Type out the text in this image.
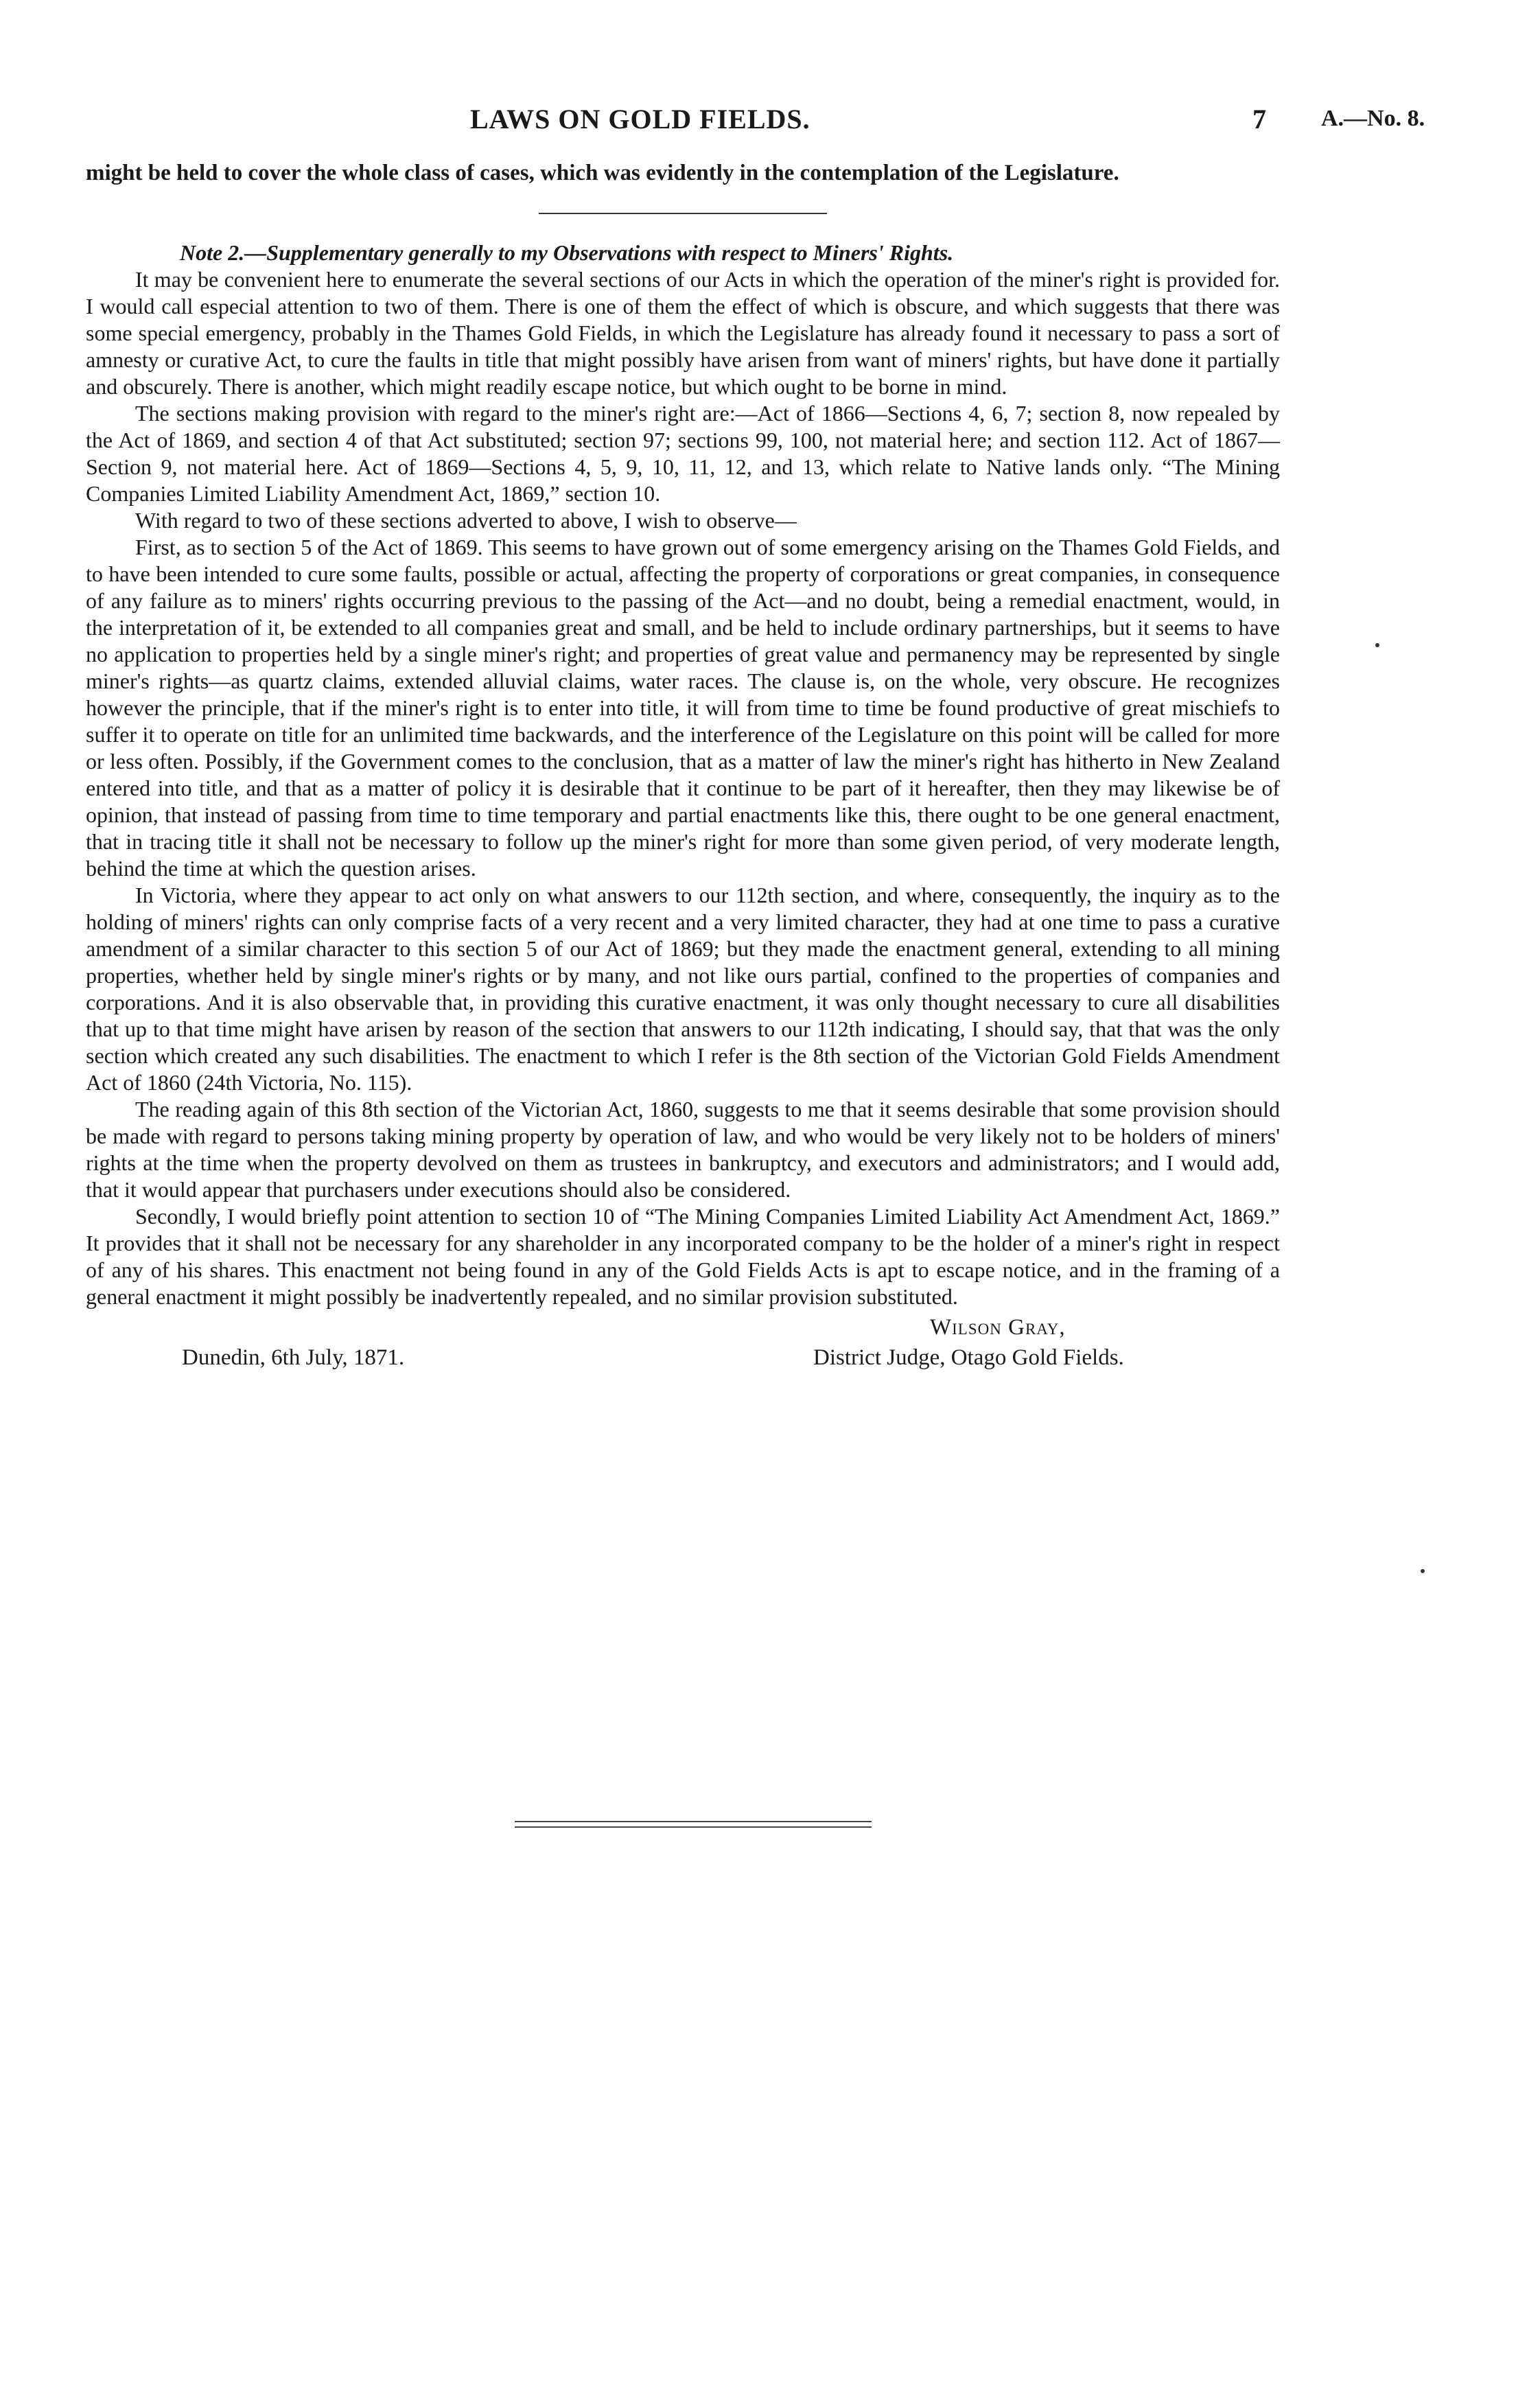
LAWS ON GOLD FIELDS.	7 A.—No. 8.

might be held to cover the whole class of cases, which was evidently in the contemplation of the Legislature.

Note 2.—Supplementary generally to my Observations with respect to Miners' Rights.

It may be convenient here to enumerate the several sections of our Acts in which the operation of the miner's right is provided for. I would call especial attention to two of them. There is one of them the effect of which is obscure, and which suggests that there was some special emergency, probably in the Thames Gold Fields, in which the Legislature has already found it necessary to pass a sort of amnesty or curative Act, to cure the faults in title that might possibly have arisen from want of miners' rights, but have done it partially and obscurely. There is another, which might readily escape notice, but which ought to be borne in mind.

The sections making provision with regard to the miner's right are:—Act of 1866—Sections 4, 6, 7; section 8, now repealed by the Act of 1869, and section 4 of that Act substituted; section 97; sections 99, 100, not material here; and section 112. Act of 1867—Section 9, not material here. Act of 1869—Sections 4, 5, 9, 10, 11, 12, and 13, which relate to Native lands only. “The Mining Companies Limited Liability Amendment Act, 1869,” section 10.

With regard to two of these sections adverted to above, I wish to observe—

First, as to section 5 of the Act of 1869. This seems to have grown out of some emergency arising on the Thames Gold Fields, and to have been intended to cure some faults, possible or actual, affecting the property of corporations or great companies, in consequence of any failure as to miners' rights occurring previous to the passing of the Act—and no doubt, being a remedial enactment, would, in the interpretation of it, be extended to all companies great and small, and be held to include ordinary partnerships, but it seems to have no application to properties held by a single miner's right; and properties of great value and permanency may be represented by single miner's rights—as quartz claims, extended alluvial claims, water races. The clause is, on the whole, very obscure. He recognizes however the principle, that if the miner's right is to enter into title, it will from time to time be found productive of great mischiefs to suffer it to operate on title for an unlimited time backwards, and the interference of the Legislature on this point will be called for more or less often. Possibly, if the Government comes to the conclusion, that as a matter of law the miner's right has hitherto in New Zealand entered into title, and that as a matter of policy it is desirable that it continue to be part of it hereafter, then they may likewise be of opinion, that instead of passing from time to time temporary and partial enactments like this, there ought to be one general enactment, that in tracing title it shall not be necessary to follow up the miner's right for more than some given period, of very moderate length, behind the time at which the question arises.

In Victoria, where they appear to act only on what answers to our 112th section, and where, consequently, the inquiry as to the holding of miners' rights can only comprise facts of a very recent and a very limited character, they had at one time to pass a curative amendment of a similar character to this section 5 of our Act of 1869; but they made the enactment general, extending to all mining properties, whether held by single miner's rights or by many, and not like ours partial, confined to the properties of companies and corporations. And it is also observable that, in providing this curative enactment, it was only thought necessary to cure all disabilities that up to that time might have arisen by reason of the section that answers to our 112th indicating, I should say, that that was the only section which created any such disabilities. The enactment to which I refer is the 8th section of the Victorian Gold Fields Amendment Act of 1860 (24th Victoria, No. 115).

The reading again of this 8th section of the Victorian Act, 1860, suggests to me that it seems desirable that some provision should be made with regard to persons taking mining property by operation of law, and who would be very likely not to be holders of miners' rights at the time when the property devolved on them as trustees in bankruptcy, and executors and administrators; and I would add, that it would appear that purchasers under executions should also be considered.

Secondly, I would briefly point attention to section 10 of “The Mining Companies Limited Liability Act Amendment Act, 1869.” It provides that it shall not be necessary for any shareholder in any incorporated company to be the holder of a miner's right in respect of any of his shares. This enactment not being found in any of the Gold Fields Acts is apt to escape notice, and in the framing of a general enactment it might possibly be inadvertently repealed, and no similar provision substituted.

Wilson Gray,
Dunedin, 6th July, 1871.	District Judge, Otago Gold Fields.
